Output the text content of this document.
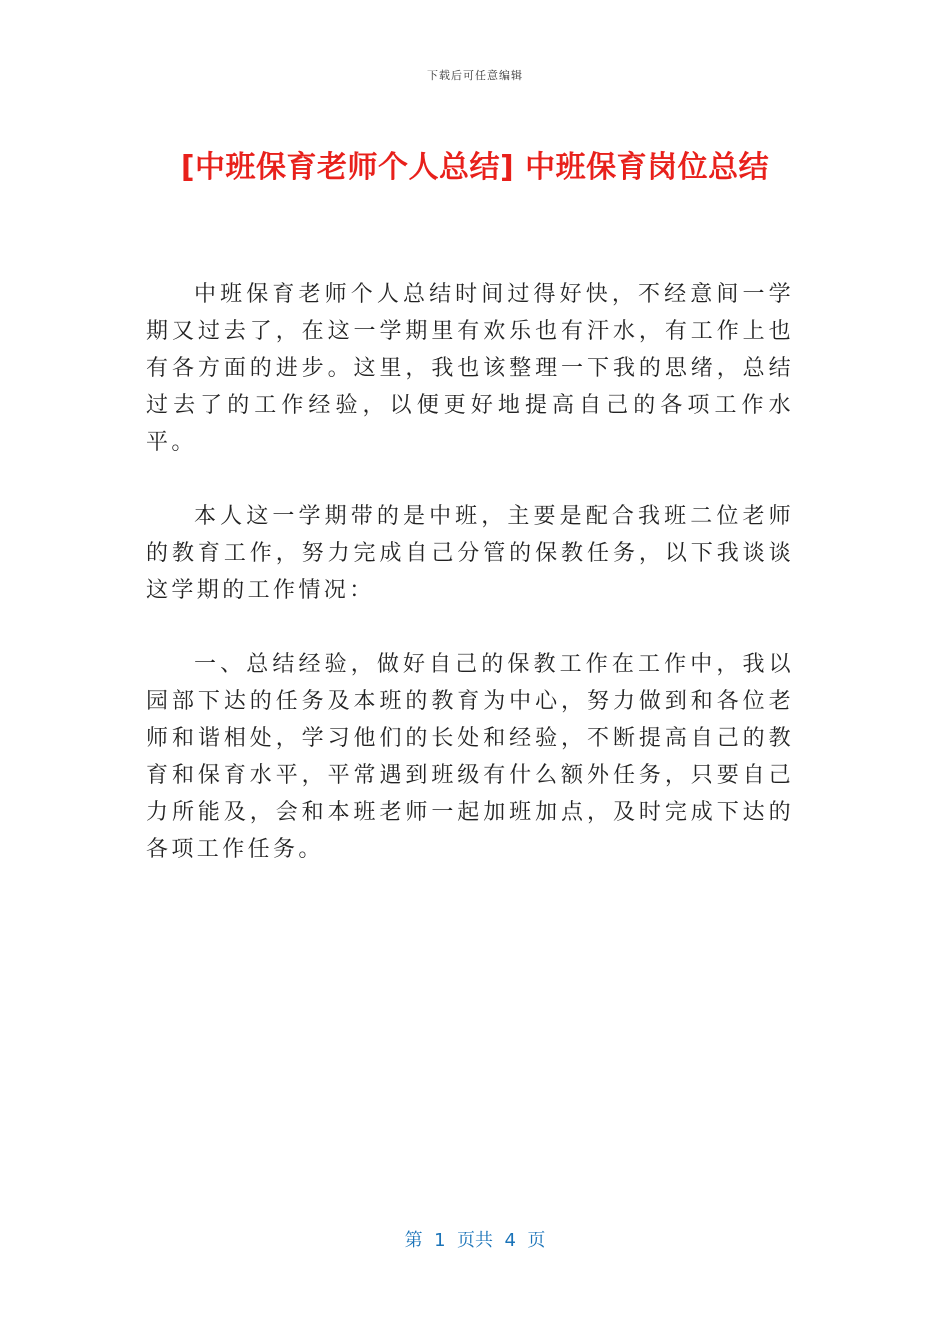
下载后可任意编辑
[中班保育老师个人总结] 中班保育岗位总结

中班保育老师个人总结时间过得好快，不经意间一学期又过去了，在这一学期里有欢乐也有汗水，有工作上也有各方面的进步。这里，我也该整理一下我的思绪，总结过去了的工作经验，以便更好地提高自己的各项工作水平。

本人这一学期带的是中班，主要是配合我班二位老师的教育工作，努力完成自己分管的保教任务，以下我谈谈这学期的工作情况：

一、总结经验，做好自己的保教工作在工作中，我以园部下达的任务及本班的教育为中心，努力做到和各位老师和谐相处，学习他们的长处和经验，不断提高自己的教育和保育水平，平常遇到班级有什么额外任务，只要自己力所能及，会和本班老师一起加班加点，及时完成下达的各项工作任务。

第  1  页共  4  页
